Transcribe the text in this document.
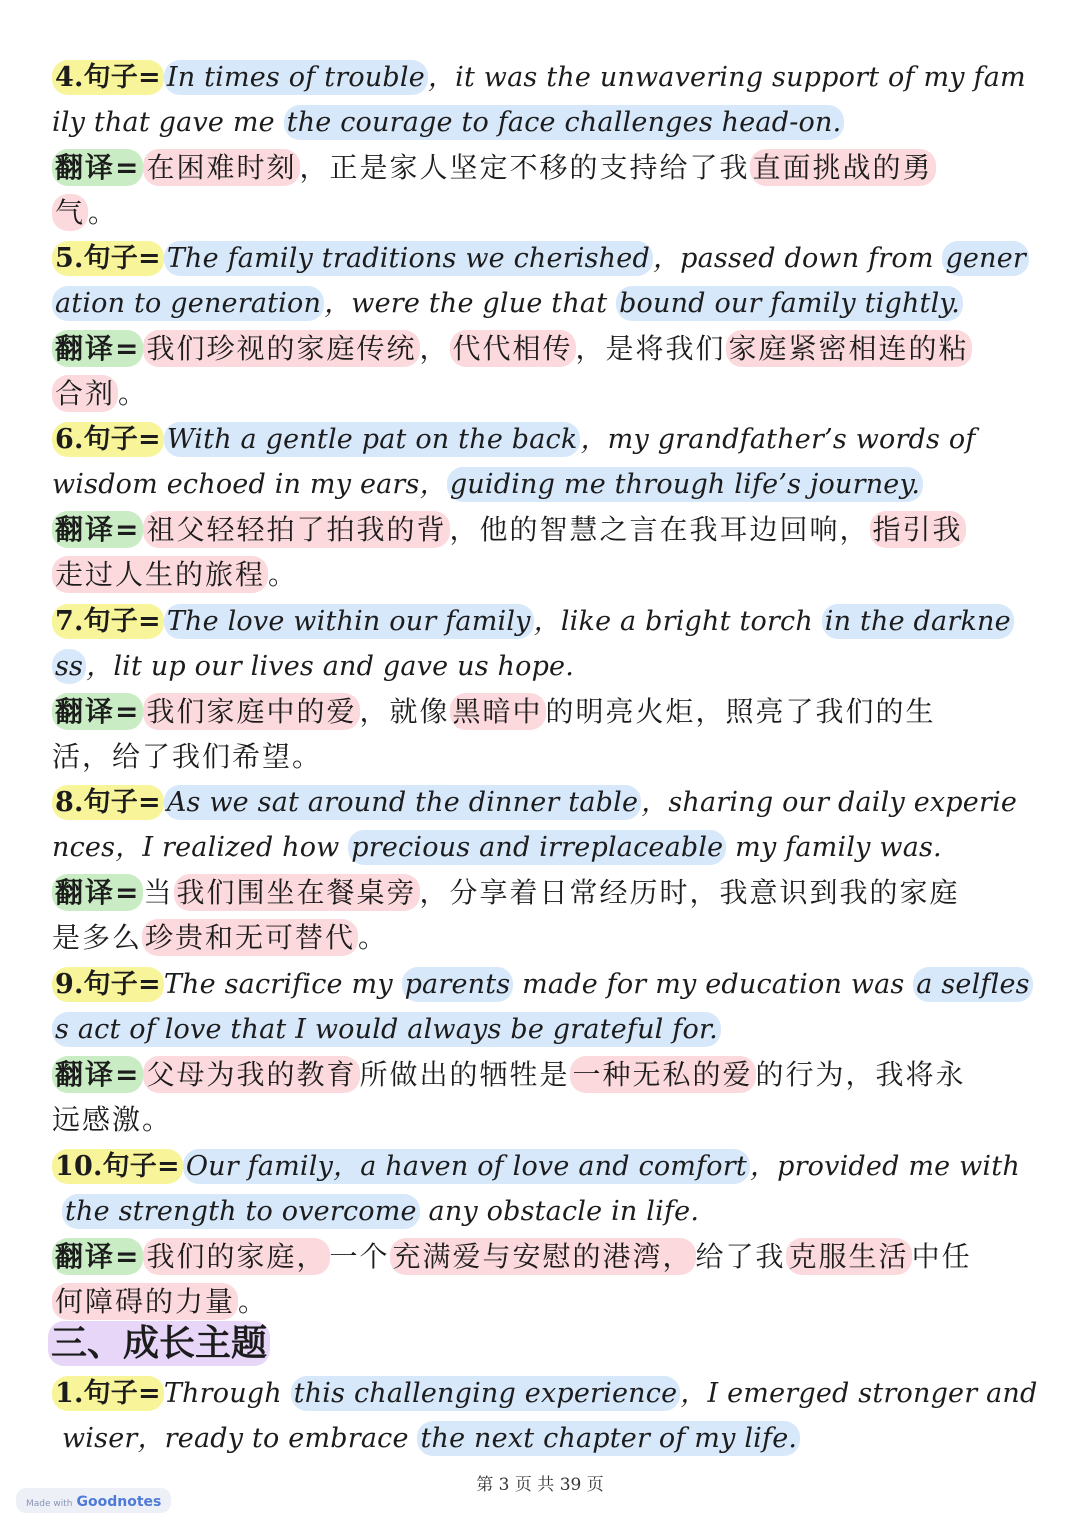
4.句子= In times of trouble ，it was the unwavering support of my fam
ily that gave me the courage to face challenges head-on.
翻译= 在困难时刻 ，正是家人坚定不移的支持给了我 直面挑战的勇
气 。
5.句子= The family traditions we cherished ，passed down from gener
ation to generation ，were the glue that bound our family tightly.
翻译= 我们珍视的家庭传统 ， 代代相传 ，是将我们 家庭紧密相连的粘
合剂 。
6.句子= With a gentle pat on the back ，my grandfather’s words of
wisdom echoed in my ears， guiding me through life’s journey.
翻译= 祖父轻轻拍了拍我的背 ，他的智慧之言在我耳边回响， 指引我
走过人生的旅程 。
7.句子= The love within our family ，like a bright torch in the darkne
ss ，lit up our lives and gave us hope.
翻译= 我们家庭中的爱 ，就像 黑暗中 的明亮火炬，照亮了我们的生
活，给了我们希望。
8.句子= As we sat around the dinner table ，sharing our daily experie
nces，I realized how precious and irreplaceable my family was.
翻译= 当 我们围坐在餐桌旁 ，分享着日常经历时，我意识到我的家庭
是多么 珍贵和无可替代 。
9.句子= The sacrifice my parents made for my education was a selfles
s act of love that I would always be grateful for.
翻译= 父母为我的教育 所做出的牺牲是 一种无私的爱 的行为，我将永
远感激。
10.句子= Our family，a haven of love and comfort ，provided me with
the strength to overcome any obstacle in life.
翻译= 我们的家庭， 一个 充满爱与安慰的港湾， 给了我 克服生活 中任
何障碍的力量 。
三、成长主题
1.句子= Through this challenging experience ，I emerged stronger and
wiser，ready to embrace the next chapter of my life.
第 3 页 共 39 页
Made with Goodnotes
